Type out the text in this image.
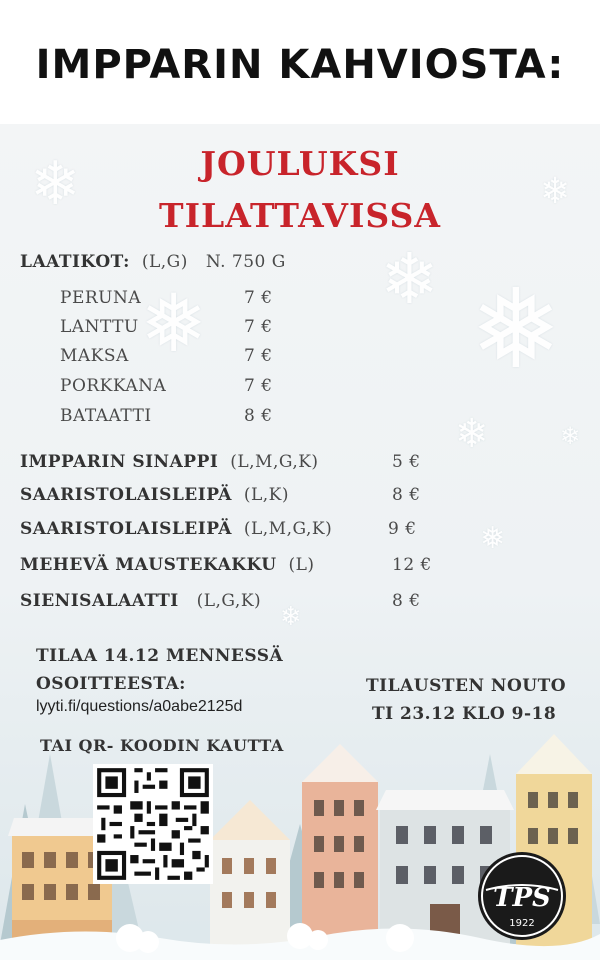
IMPPARIN KAHVIOSTA:
❄ ❅
❄
❅
❄	❄
❅
❄
❄
JOULUKSI
TILATTAVISSA
LAATIKOT: (L,G) N. 750 G
PERUNA	7 €
LANTTU	7 €
MAKSA	7 €
PORKKANA	7 €
BATAATTI	8 €
IMPPARIN SINAPPI (L,M,G,K)	5 €
SAARISTOLAISLEIPÄ (L,K)	8 €
SAARISTOLAISLEIPÄ (L,M,G,K)	9 €
MEHEVÄ MAUSTEKAKKU (L)	12 €
SIENISALAATTI (L,G,K)	8 €
TILAA 14.12 MENNESSÄ
OSOITTEESTA:
lyyti.fi/questions/a0abe2125d
TAI QR- KOODIN KAUTTA
TILAUSTEN NOUTO
TI 23.12 KLO 9-18
TPS
1922
